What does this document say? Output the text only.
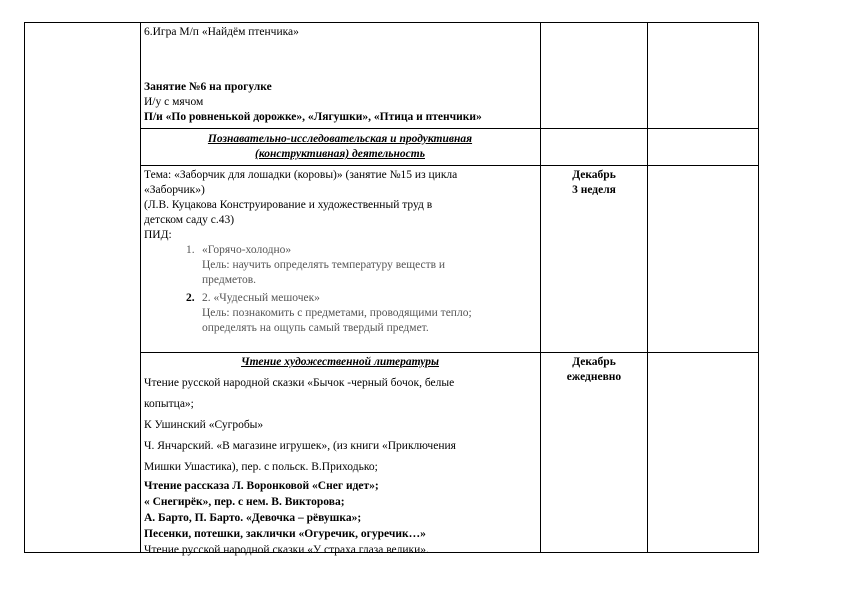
6.Игра М/п «Найдём птенчика»
Занятие №6 на прогулке
И/у с мячом
П/и «По ровненькой дорожке», «Лягушки», «Птица и птенчики»
Познавательно-исследовательская и продуктивная
(конструктивная) деятельность
Тема: «Заборчик для лошадки (коровы)» (занятие №15 из цикла
«Заборчик»)
(Л.В. Куцакова Конструирование и художественный труд в
детском саду с.43)
ПИД:
1. «Горячо-холодно»
Цель: научить определять температуру веществ и
предметов.
2. 2. «Чудесный мешочек»
Цель: познакомить с предметами, проводящими тепло;
определять на ощупь самый твердый предмет.
Декабрь
3 неделя
Чтение художественной литературы
Чтение русской народной сказки «Бычок -черный бочок, белые
копытца»;
К Ушинский «Сугробы»
Ч. Янчарский. «В магазине игрушек», (из книги «Приключения
Мишки Ушастика), пер. с польск. В.Приходько;
Чтение рассказа Л. Воронковой «Снег идет»;
« Снегирёк», пер. с нем. В. Викторова;
А. Барто, П. Барто. «Девочка – рёвушка»;
Песенки, потешки, заклички «Огуречик, огуречик…»
Чтение русской народной сказки «У страха глаза велики».
Декабрь
ежедневно
